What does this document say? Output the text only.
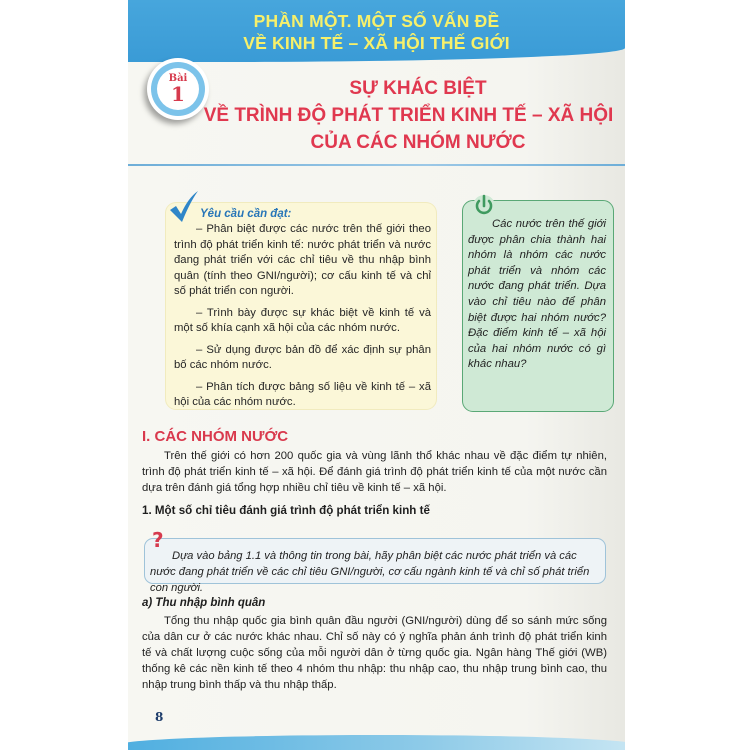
PHẦN MỘT. MỘT SỐ VẤN ĐỀ
VỀ KINH TẾ – XÃ HỘI THẾ GIỚI
Bài
1	SỰ KHÁC BIỆT
VỀ TRÌNH ĐỘ PHÁT TRIỂN KINH TẾ – XÃ HỘI
CỦA CÁC NHÓM NƯỚC
Yêu cầu cần đạt:

– Phân biệt được các nước trên thế giới theo trình độ phát triển kinh tế: nước phát triển và nước đang phát triển với các chỉ tiêu về thu nhập bình quân (tính theo GNI/người); cơ cấu kinh tế và chỉ số phát triển con người.

– Trình bày được sự khác biệt về kinh tế và một số khía cạnh xã hội của các nhóm nước.

– Sử dụng được bản đồ để xác định sự phân bố các nhóm nước.

– Phân tích được bảng số liệu về kinh tế – xã hội của các nhóm nước.

Các nước trên thế giới được phân chia thành hai nhóm là nhóm các nước phát triển và nhóm các nước đang phát triển. Dựa vào chỉ tiêu nào để phân biệt được hai nhóm nước? Đặc điểm kinh tế – xã hội của hai nhóm nước có gì khác nhau?
I. CÁC NHÓM NƯỚC
Trên thế giới có hơn 200 quốc gia và vùng lãnh thổ khác nhau về đặc điểm tự nhiên, trình độ phát triển kinh tế – xã hội. Để đánh giá trình độ phát triển kinh tế của một nước cần dựa trên đánh giá tổng hợp nhiều chỉ tiêu về kinh tế – xã hội.
1. Một số chỉ tiêu đánh giá trình độ phát triển kinh tế
?
Dựa vào bảng 1.1 và thông tin trong bài, hãy phân biệt các nước phát triển và các nước đang phát triển về các chỉ tiêu GNI/người, cơ cấu ngành kinh tế và chỉ số phát triển con người.
a) Thu nhập bình quân
Tổng thu nhập quốc gia bình quân đầu người (GNI/người) dùng để so sánh mức sống của dân cư ở các nước khác nhau. Chỉ số này có ý nghĩa phản ánh trình độ phát triển kinh tế và chất lượng cuộc sống của mỗi người dân ở từng quốc gia. Ngân hàng Thế giới (WB) thống kê các nền kinh tế theo 4 nhóm thu nhập: thu nhập cao, thu nhập trung bình cao, thu nhập trung bình thấp và thu nhập thấp.
8
